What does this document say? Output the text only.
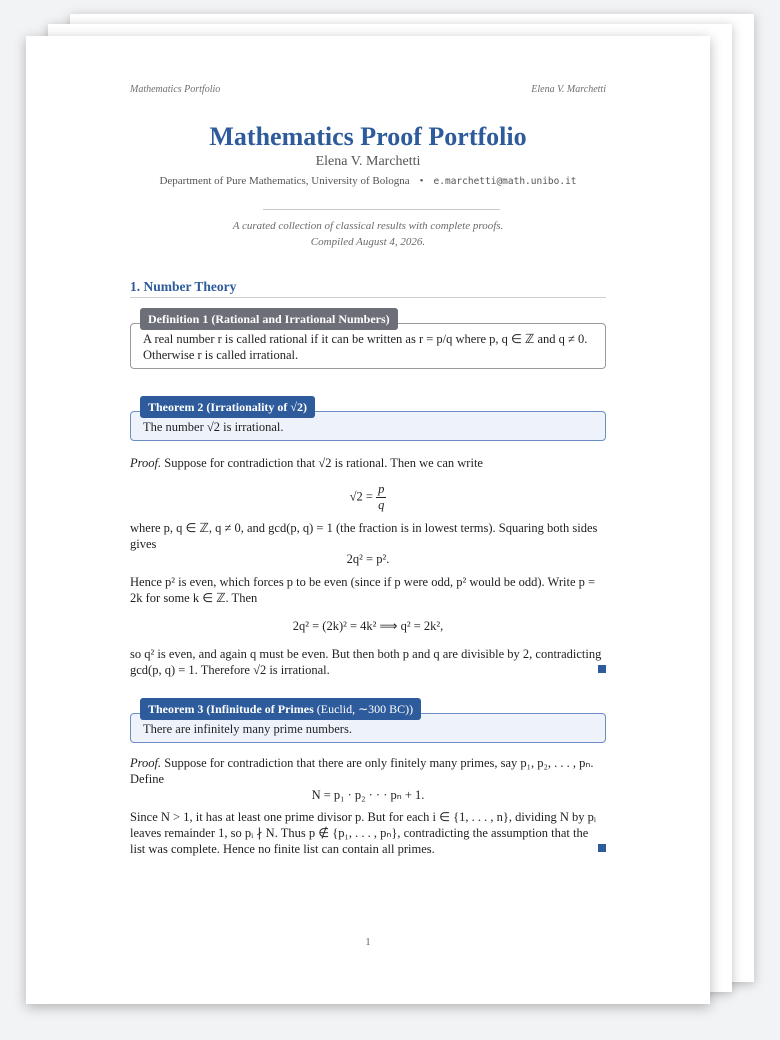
Mathematics Portfolio	Elena V. Marchetti
Mathematics Proof Portfolio
Elena V. Marchetti
Department of Pure Mathematics, University of Bologna • e.marchetti@math.unibo.it
A curated collection of classical results with complete proofs.
Compiled August 4, 2026.
1. Number Theory
Definition 1 (Rational and Irrational Numbers)
A real number r is called rational if it can be written as r = p/q where p, q ∈ ℤ and q ≠ 0. Otherwise r is called irrational.
Theorem 2 (Irrationality of √2)
The number √2 is irrational.
Proof. Suppose for contradiction that √2 is rational. Then we can write
$√2 = \frac{p}{q}$
where p, q ∈ ℤ, q ≠ 0, and gcd(p, q) = 1 (the fraction is in lowest terms). Squaring both sides gives
2q² = p².
Hence p² is even, which forces p to be even (since if p were odd, p² would be odd). Write p = 2k for some k ∈ ℤ. Then
2q² = (2k)² = 4k² ⟹ q² = 2k²,
so q² is even, and again q must be even. But then both p and q are divisible by 2, contradicting gcd(p, q) = 1. Therefore √2 is irrational.
Theorem 3 (Infinitude of Primes (Euclid, ∼300 BC))
There are infinitely many prime numbers.
Proof. Suppose for contradiction that there are only finitely many primes, say p₁, p₂, . . . , pₙ. Define
N = p₁ · p₂ · · · pₙ + 1.
Since N > 1, it has at least one prime divisor p. But for each i ∈ {1, . . . , n}, dividing N by pᵢ leaves remainder 1, so pᵢ ∤ N. Thus p ∉ {p₁, . . . , pₙ}, contradicting the assumption that the list was complete. Hence no finite list can contain all primes.
1
